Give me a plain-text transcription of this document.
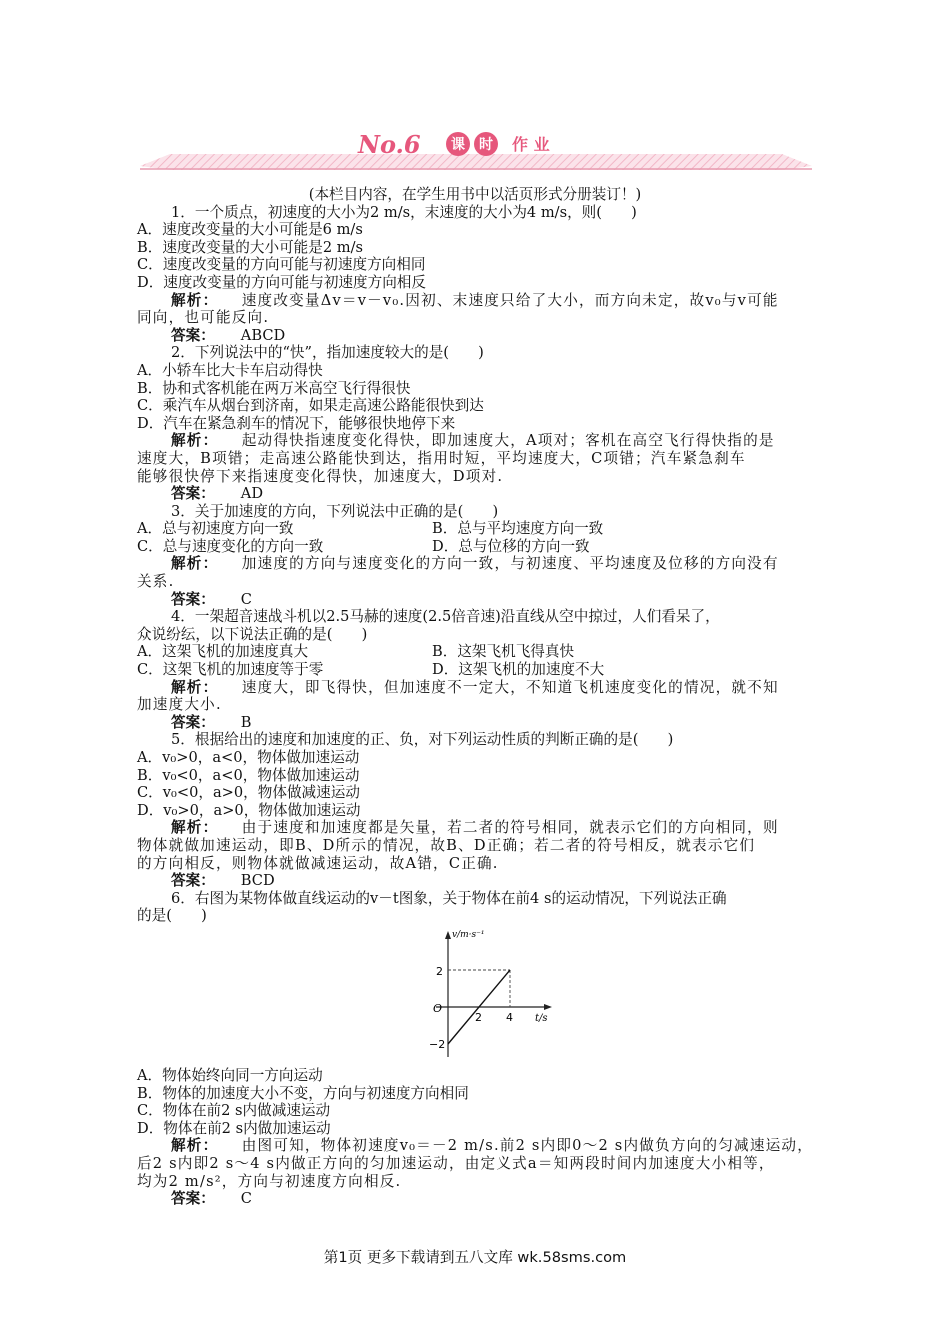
No.6 课 时 作 业
(本栏目内容，在学生用书中以活页形式分册装订！)
1．一个质点，初速度的大小为2 m/s，末速度的大小为4 m/s，则(　　)
A．速度改变量的大小可能是6 m/s
B．速度改变量的大小可能是2 m/s
C．速度改变量的方向可能与初速度方向相同
D．速度改变量的方向可能与初速度方向相反
解析： 速度改变量Δv＝v－v₀.因初、末速度只给了大小，而方向未定，故v₀与v可能
同向，也可能反向.
答案： ABCD
2．下列说法中的“快”，指加速度较大的是(　　)
A．小轿车比大卡车启动得快
B．协和式客机能在两万米高空飞行得很快
C．乘汽车从烟台到济南，如果走高速公路能很快到达
D．汽车在紧急刹车的情况下，能够很快地停下来
解析： 起动得快指速度变化得快，即加速度大，A项对；客机在高空飞行得快指的是
速度大，B项错；走高速公路能快到达，指用时短，平均速度大，C项错；汽车紧急刹车
能够很快停下来指速度变化得快，加速度大，D项对.
答案： AD
3．关于加速度的方向，下列说法中正确的是(　　)
A．总与初速度方向一致	B．总与平均速度方向一致
C．总与速度变化的方向一致	D．总与位移的方向一致
解析： 加速度的方向与速度变化的方向一致，与初速度、平均速度及位移的方向没有
关系.
答案： C
4．一架超音速战斗机以2.5马赫的速度(2.5倍音速)沿直线从空中掠过，人们看呆了，
众说纷纭，以下说法正确的是(　　)
A．这架飞机的加速度真大	B．这架飞机飞得真快
C．这架飞机的加速度等于零	D．这架飞机的加速度不大
解析： 速度大，即飞得快，但加速度不一定大，不知道飞机速度变化的情况，就不知
加速度大小.
答案： B
5．根据给出的速度和加速度的正、负，对下列运动性质的判断正确的是(　　)
A．v₀>0，a<0，物体做加速运动
B．v₀<0，a<0，物体做加速运动
C．v₀<0，a>0，物体做减速运动
D．v₀>0，a>0，物体做加速运动
解析： 由于速度和加速度都是矢量，若二者的符号相同，就表示它们的方向相同，则
物体就做加速运动，即B、D所示的情况，故B、D正确；若二者的符号相反，就表示它们
的方向相反，则物体就做减速运动，故A错，C正确.
答案： BCD
6．右图为某物体做直线运动的v－t图象，关于物体在前4 s的运动情况，下列说法正确
的是(　　)
v/m·s⁻¹
t/s
O
2
−2
2 4
A．物体始终向同一方向运动
B．物体的加速度大小不变，方向与初速度方向相同
C．物体在前2 s内做减速运动
D．物体在前2 s内做加速运动
解析： 由图可知，物体初速度v₀＝－2 m/s.前2 s内即0～2 s内做负方向的匀减速运动，
后2 s内即2 s～4 s内做正方向的匀加速运动，由定义式a＝知两段时间内加速度大小相等，
均为2 m/s²，方向与初速度方向相反.
答案： C
第1页 更多下载请到五八文库 wk.58sms.com
